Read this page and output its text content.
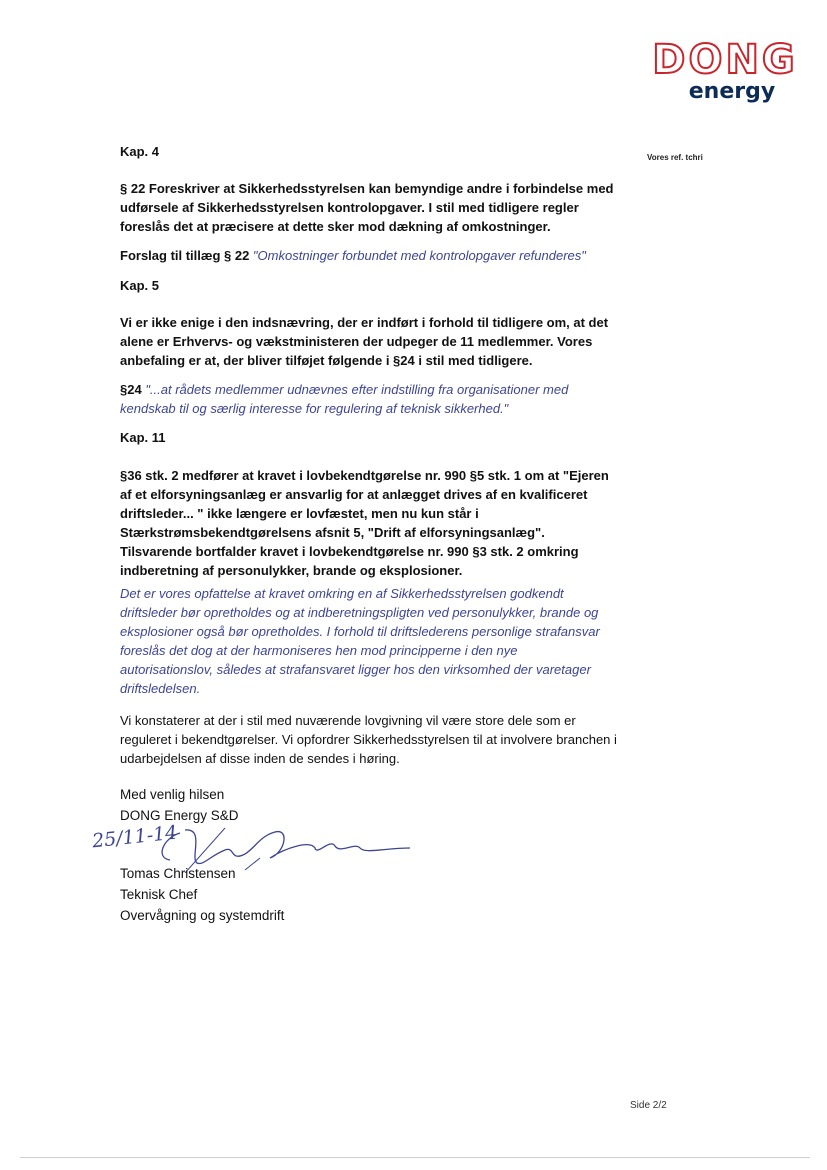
DONG
energy
Vores ref. tchri
Kap. 4
§ 22 Foreskriver at Sikkerhedsstyrelsen kan bemyndige andre i forbindelse med udførsele af Sikkerhedsstyrelsen kontrolopgaver. I stil med tidligere regler foreslås det at præcisere at dette sker mod dækning af omkostninger.
Forslag til tillæg § 22 "Omkostninger forbundet med kontrolopgaver refunderes"
Kap. 5
Vi er ikke enige i den indsnævring, der er indført i forhold til tidligere om, at det alene er Erhvervs- og vækstministeren der udpeger de 11 medlemmer. Vores anbefaling er at, der bliver tilføjet følgende i §24 i stil med tidligere.
§24 "...at rådets medlemmer udnævnes efter indstilling fra organisationer med kendskab til og særlig interesse for regulering af teknisk sikkerhed."
Kap. 11
§36 stk. 2 medfører at kravet i lovbekendtgørelse nr. 990 §5 stk. 1 om at "Ejeren af et elforsyningsanlæg er ansvarlig for at anlægget drives af en kvalificeret driftsleder... " ikke længere er lovfæstet, men nu kun står i Stærkstrømsbekendtgørelsens afsnit 5, "Drift af elforsyningsanlæg". Tilsvarende bortfalder kravet i lovbekendtgørelse nr. 990 §3 stk. 2 omkring indberetning af personulykker, brande og eksplosioner.
Det er vores opfattelse at kravet omkring en af Sikkerhedsstyrelsen godkendt driftsleder bør opretholdes og at indberetningspligten ved personulykker, brande og eksplosioner også bør opretholdes. I forhold til driftslederens personlige strafansvar foreslås det dog at der harmoniseres hen mod principperne i den nye autorisationslov, således at strafansvaret ligger hos den virksomhed der varetager driftsledelsen.
Vi konstaterer at der i stil med nuværende lovgivning vil være store dele som er reguleret i bekendtgørelser. Vi opfordrer Sikkerhedsstyrelsen til at involvere branchen i udarbejdelsen af disse inden de sendes i høring.
Med venlig hilsen
DONG Energy S&D
25/11-14
Tomas Christensen
Teknisk Chef
Overvågning og systemdrift
Side 2/2
